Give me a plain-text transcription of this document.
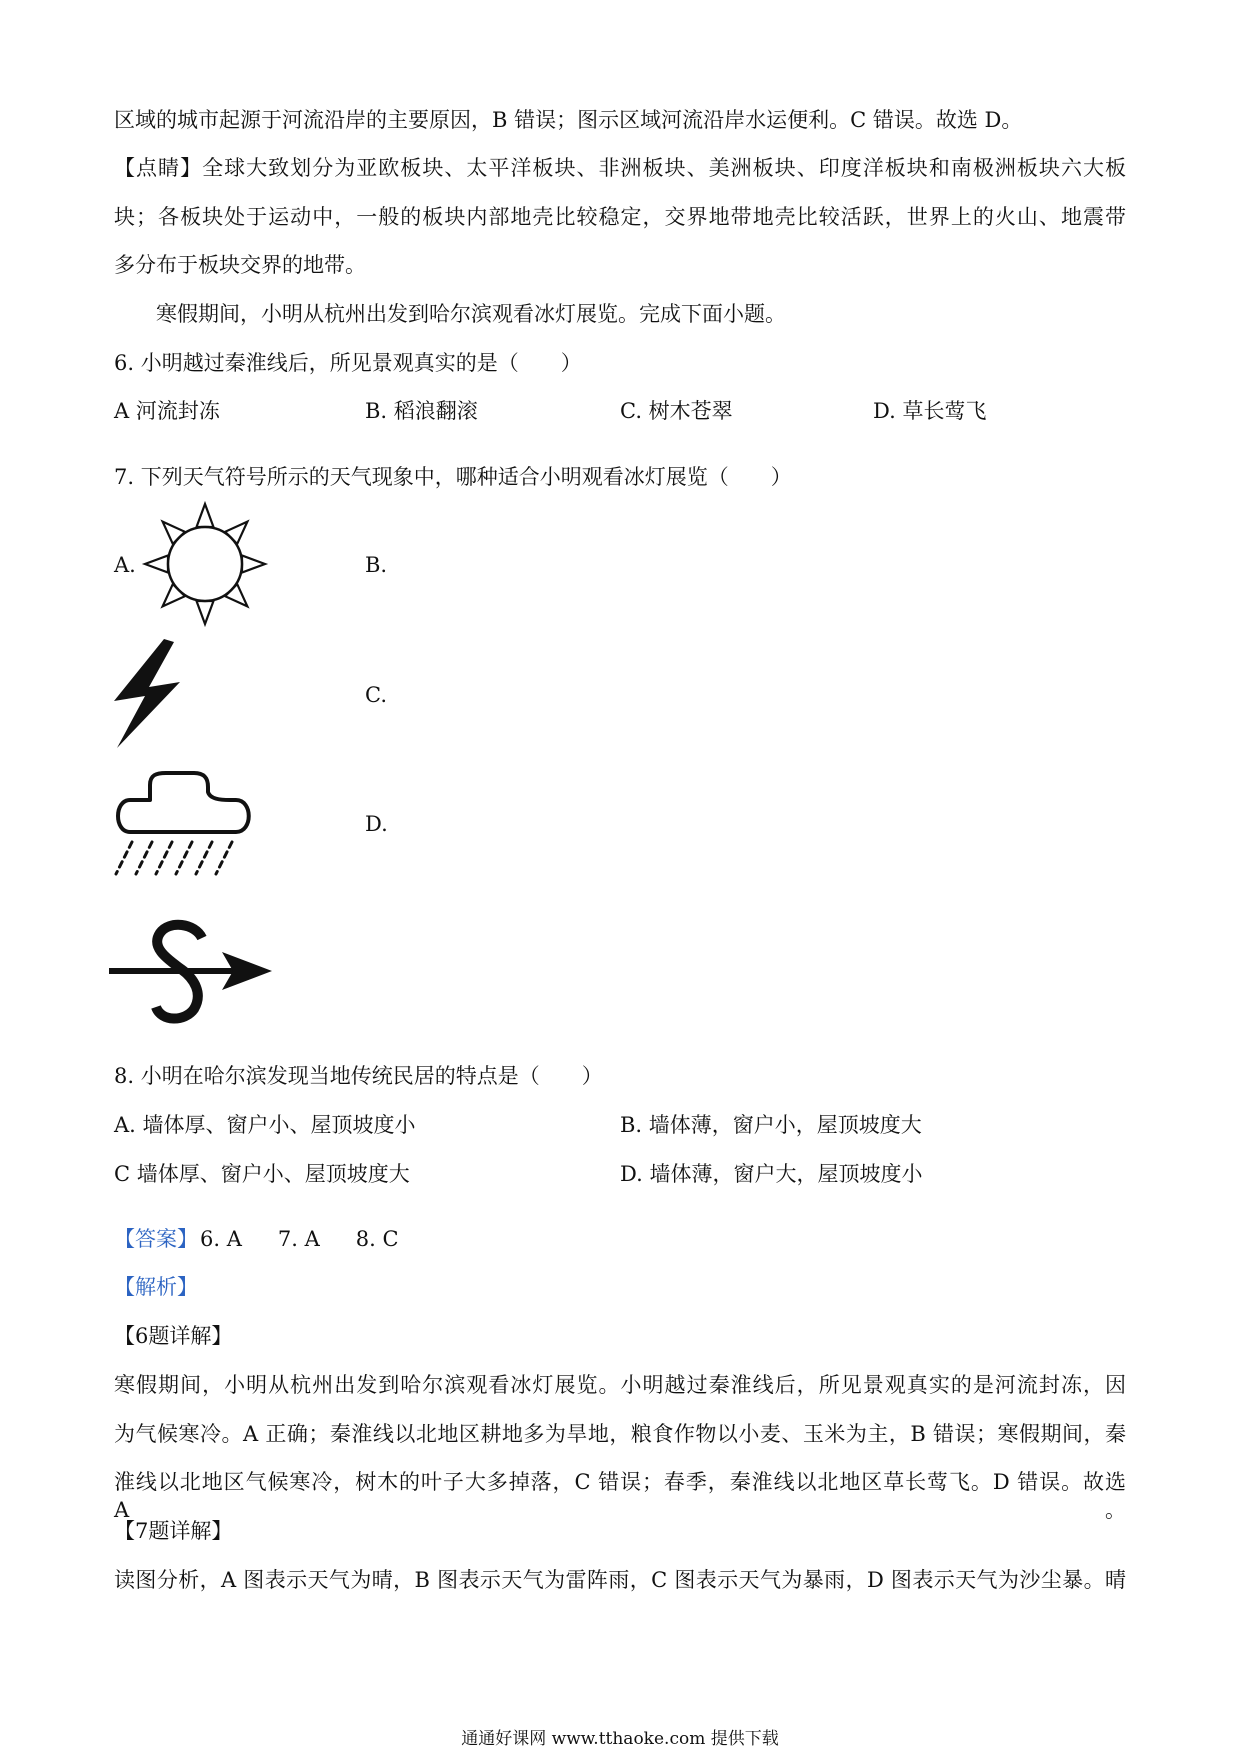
区域的城市起源于河流沿岸的主要原因，B 错误；图示区域河流沿岸水运便利。C 错误。故选 D。
【点睛】全球大致划分为亚欧板块、太平洋板块、非洲板块、美洲板块、印度洋板块和南极洲板块六大板
块；各板块处于运动中，一般的板块内部地壳比较稳定，交界地带地壳比较活跃，世界上的火山、地震带
多分布于板块交界的地带。
寒假期间，小明从杭州出发到哈尔滨观看冰灯展览。完成下面小题。
6. 小明越过秦淮线后，所见景观真实的是（　　）
A 河流封冻	B. 稻浪翻滚	C. 树木苍翠	D. 草长莺飞
7. 下列天气符号所示的天气现象中，哪种适合小明观看冰灯展览（　　）
A.	B.
C.
D.
8. 小明在哈尔滨发现当地传统民居的特点是（　　）
A. 墙体厚、窗户小、屋顶坡度小	B. 墙体薄，窗户小，屋顶坡度大
C 墙体厚、窗户小、屋顶坡度大	D. 墙体薄，窗户大，屋顶坡度小
【答案】6. A 7. A 8. C
【解析】
【6题详解】
寒假期间，小明从杭州出发到哈尔滨观看冰灯展览。小明越过秦淮线后，所见景观真实的是河流封冻，因
为气候寒冷。A 正确；秦淮线以北地区耕地多为旱地，粮食作物以小麦、玉米为主，B 错误；寒假期间，秦
淮线以北地区气候寒冷，树木的叶子大多掉落，C 错误；春季，秦淮线以北地区草长莺飞。D 错误。故选 A。
【7题详解】
读图分析，A 图表示天气为晴，B 图表示天气为雷阵雨，C 图表示天气为暴雨，D 图表示天气为沙尘暴。晴
通通好课网 www.tthaoke.com 提供下载
